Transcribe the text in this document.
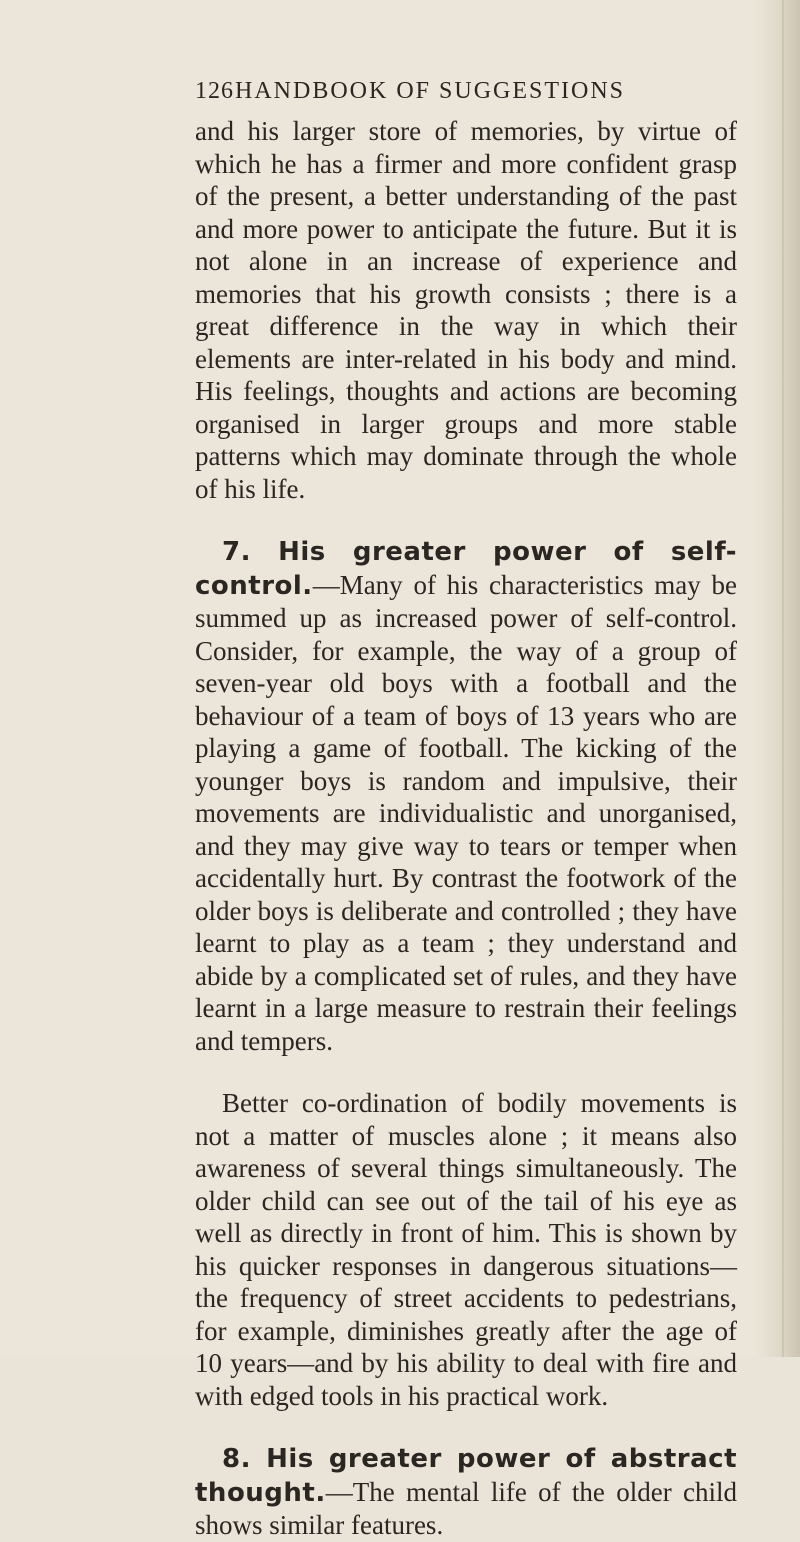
126 HANDBOOK OF SUGGESTIONS

and his larger store of memories, by virtue of which he has a firmer and more confident grasp of the present, a better understanding of the past and more power to anticipate the future. But it is not alone in an increase of experience and memories that his growth consists ; there is a great difference in the way in which their elements are inter-related in his body and mind. His feelings, thoughts and actions are becoming organised in larger groups and more stable patterns which may dominate through the whole of his life.

7. His greater power of self-control.—Many of his characteristics may be summed up as increased power of self-control. Consider, for example, the way of a group of seven-year old boys with a football and the behaviour of a team of boys of 13 years who are playing a game of football. The kicking of the younger boys is random and impulsive, their movements are individualistic and unorganised, and they may give way to tears or temper when accidentally hurt. By contrast the footwork of the older boys is deliberate and controlled ; they have learnt to play as a team ; they understand and abide by a complicated set of rules, and they have learnt in a large measure to restrain their feelings and tempers.

Better co-ordination of bodily movements is not a matter of muscles alone ; it means also awareness of several things simultaneously. The older child can see out of the tail of his eye as well as directly in front of him. This is shown by his quicker responses in dangerous situations—the frequency of street accidents to pedestrians, for example, diminishes greatly after the age of 10 years—and by his ability to deal with fire and with edged tools in his practical work.

8. His greater power of abstract thought.—The mental life of the older child shows similar features.
